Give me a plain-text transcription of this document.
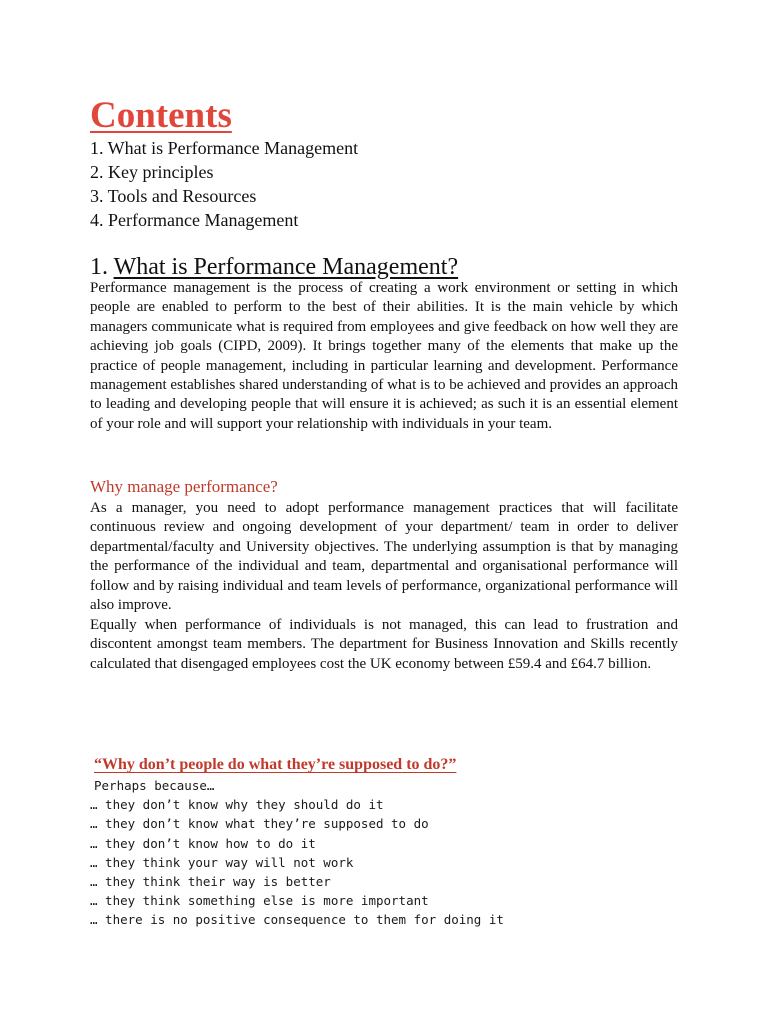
Contents
1. What is Performance Management
2. Key principles
3. Tools and Resources
4. Performance Management
1. What is Performance Management?

Performance management is the process of creating a work environment or setting in which people are enabled to perform to the best of their abilities. It is the main vehicle by which managers communicate what is required from employees and give feedback on how well they are achieving job goals (CIPD, 2009). It brings together many of the elements that make up the practice of people management, including in particular learning and development. Performance management establishes shared understanding of what is to be achieved and provides an approach to leading and developing people that will ensure it is achieved; as such it is an essential element of your role and will support your relationship with individuals in your team.

Why manage performance?

As a manager, you need to adopt performance management practices that will facilitate continuous review and ongoing development of your department/ team in order to deliver departmental/faculty and University objectives. The underlying assumption is that by managing the performance of the individual and team, departmental and organisational performance will follow and by raising individual and team levels of performance, organizational performance will also improve.

Equally when performance of individuals is not managed, this can lead to frustration and discontent amongst team members. The department for Business Innovation and Skills recently calculated that disengaged employees cost the UK economy between £59.4 and £64.7 billion.

“Why don’t people do what they’re supposed to do?”

Perhaps because…
… they don’t know why they should do it
… they don’t know what they’re supposed to do
… they don’t know how to do it
… they think your way will not work
… they think their way is better
… they think something else is more important
… there is no positive consequence to them for doing it
